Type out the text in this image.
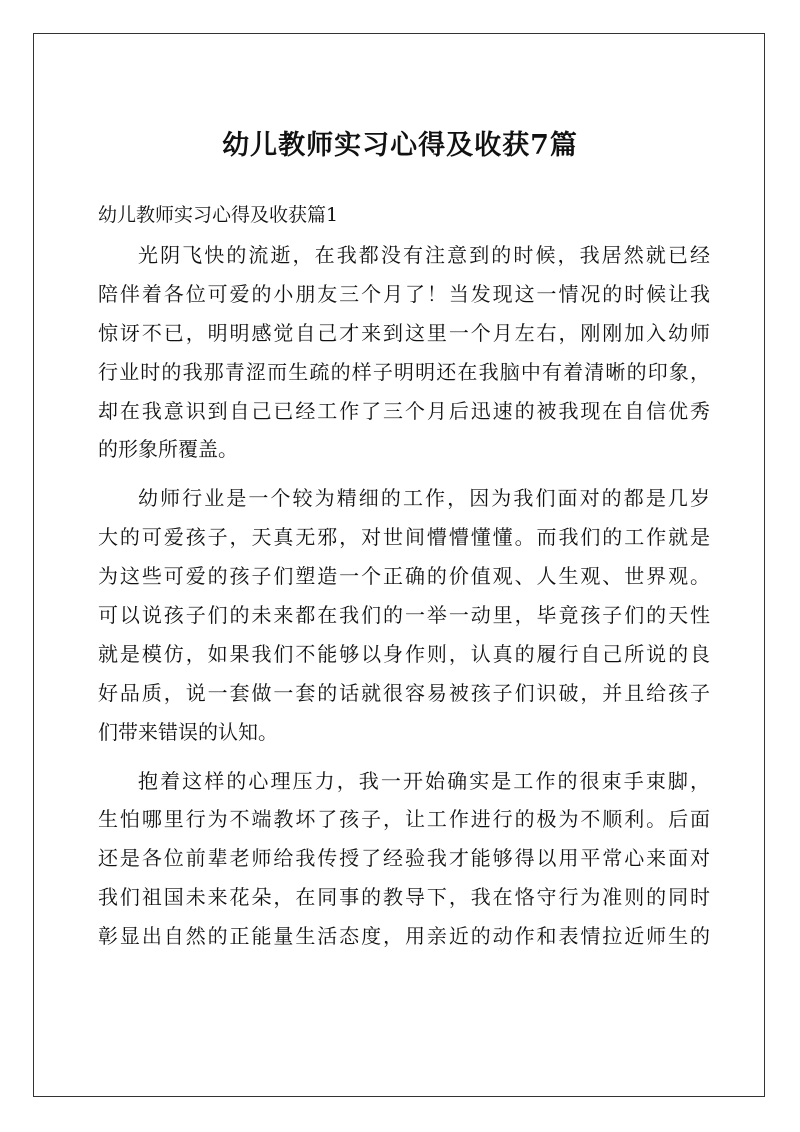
幼儿教师实习心得及收获7篇
幼儿教师实习心得及收获篇1

光阴飞快的流逝，在我都没有注意到的时候，我居然就已经
陪伴着各位可爱的小朋友三个月了！当发现这一情况的时候让我
惊讶不已，明明感觉自己才来到这里一个月左右，刚刚加入幼师
行业时的我那青涩而生疏的样子明明还在我脑中有着清晰的印象，
却在我意识到自己已经工作了三个月后迅速的被我现在自信优秀
的形象所覆盖。

幼师行业是一个较为精细的工作，因为我们面对的都是几岁
大的可爱孩子，天真无邪，对世间懵懵懂懂。而我们的工作就是
为这些可爱的孩子们塑造一个正确的价值观、人生观、世界观。
可以说孩子们的未来都在我们的一举一动里，毕竟孩子们的天性
就是模仿，如果我们不能够以身作则，认真的履行自己所说的良
好品质，说一套做一套的话就很容易被孩子们识破，并且给孩子
们带来错误的认知。

抱着这样的心理压力，我一开始确实是工作的很束手束脚，
生怕哪里行为不端教坏了孩子，让工作进行的极为不顺利。后面
还是各位前辈老师给我传授了经验我才能够得以用平常心来面对
我们祖国未来花朵，在同事的教导下，我在恪守行为准则的同时
彰显出自然的正能量生活态度，用亲近的动作和表情拉近师生的
